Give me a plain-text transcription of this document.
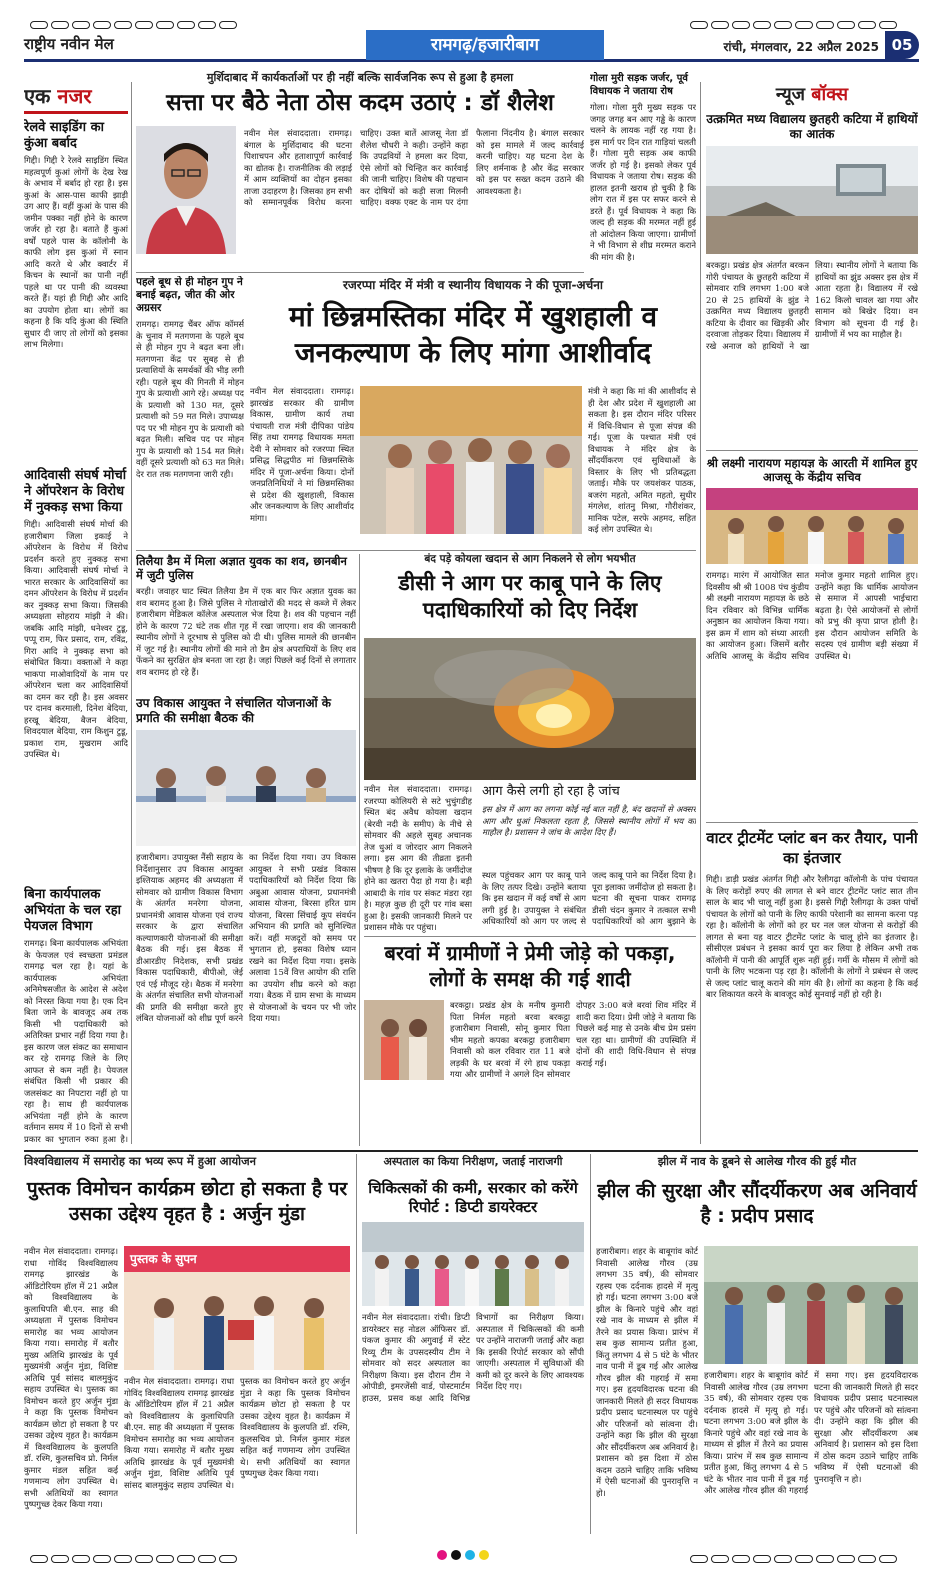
राष्ट्रीय नवीन मेल	रामगढ़/हजारीबाग	रांची, मंगलवार, 22 अप्रैल 2025 05
एक नजर
रेलवे साइडिंग का कुंआ बर्बाद
गिद्दी। गिद्दी रे रेलवे साइडिंग स्थित महत्वपूर्ण कुआं लोगों के देख रेख के अभाव में बर्बाद हो रहा है। इस कुआं के आस-पास काफी झाड़ी उग आए हैं। वहीं कुआं के पास की जमीन पक्का नहीं होने के कारण जर्जर हो रहा है। बताते हैं कुआं वर्षों पहले पास के कॉलोनी के काफी लोग इस कुआं में स्नान आदि करते थे और क्वार्टर में किचन के स्थानों का पानी नहीं पहले था पर पानी की व्यवस्था करते हैं। यहां ही गिद्दी और आदि का उपयोग होता था। लोगों का कहना है कि यदि कुंआ की स्थिति सुधार दी जाए तो लोगों को इसका लाभ मिलेगा।
आदिवासी संघर्ष मोर्चा ने ऑपरेशन के विरोध में नुक्कड़ सभा किया
गिद्दी। आदिवासी संघर्ष मोर्चा की हजारीबाग जिला इकाई ने ऑपरेशन के विरोध में विरोध प्रदर्शन करते हुए नुक्कड़ सभा किया। आदिवासी संघर्ष मोर्चा ने भारत सरकार के आदिवासियों का दमन ऑपरेशन के विरोध में प्रदर्शन कर नुक्कड़ सभा किया। जिसकी अध्यक्षता सोहराय मांझी ने की। जबकि आदि मांझी, धनेश्वर टुडू, पप्पू राम, फिर प्रसाद, राम, रविंद्र, गिरा आदि ने नुक्कड़ सभा को संबोधित किया। वक्ताओं ने कहा भाकपा माओवादियों के नाम पर ऑपरेशन चला कर आदिवासियों का दमन कर रही है। इस अवसर पर दानव करमाली, दिनेश बेदिया, हरखू बेदिया, बैजन बेदिया, शिवदयाल बेदिया, राम किशुन टुडू, प्रकाश राम, मुखराम आदि उपस्थित थे।
बिना कार्यपालक अभियंता के चल रहा पेयजल विभाग
रामगढ़। बिना कार्यपालक अभियंता के फेयजल एवं स्वच्छता प्रमंडल रामगढ़ चल रहा है। यहां के कार्यपालक अभियंता अनिमेषसजीत के आदेश से अदेश को निरस्त किया गया है। एक दिन बिता जाने के बावजूद अब तक किसी भी पदाधिकारी को अतिरिक्त प्रभार नहीं दिया गया है। इस कारण जल संकट का समाधान कर रहे रामगढ़ जिले के लिए आफत से कम नहीं है। पेयजल संबंधित किसी भी प्रकार की जलसंकट का निपटारा नहीं हो पा रहा है। साथ ही कार्यपालक अभियंता नहीं होने के कारण वर्तमान समय में 10 दिनों से सभी प्रकार का भुगतान रुका हुआ है।
मुर्शिदाबाद में कार्यकर्ताओं पर ही नहीं बल्कि सार्वजनिक रूप से हुआ है हमला
सत्ता पर बैठे नेता ठोस कदम उठाएं : डॉ शैलेश
नवीन मेल संवाददाता। रामगढ़। बंगाल के मुर्शिदाबाद की घटना पिशाचपन और हताशापूर्ण कार्रवाई का द्योतक है। राजनीतिक की लड़ाई में आम व्यक्तियों का दोहन इसका ताजा उदाहरण है। जिसका हम सभी को सम्मानपूर्वक विरोध करना चाहिए। उक्त बातें आजसू नेता डॉ शैलेश चौधरी ने कही। उन्होंने कहा कि उपद्रवियों ने हमला कर दिया, ऐसे लोगों को चिन्हित कर कार्रवाई की जानी चाहिए। विशेष की पहचान कर दोषियों को कड़ी सजा मिलनी चाहिए। वक्फ एक्ट के नाम पर दंगा फैलाना निंदनीय है। बंगाल सरकार को इस मामले में जल्द कार्रवाई करनी चाहिए। यह घटना देश के लिए शर्मनाक है और केंद्र सरकार को इस पर सख्त कदम उठाने की आवश्यकता है।
गोला मुरी सड़क जर्जर, पूर्व विधायक ने जताया रोष
गोला। गोला मुरी मुख्य सड़क पर जगह जगह बन आए गड्ढे के कारण चलने के लायक नहीं रह गया है। इस मार्ग पर दिन रात गाड़ियां चलती हैं। गोला मुरी सड़क अब काफी जर्जर हो गई है। इसको लेकर पूर्व विधायक ने जताया रोष। सड़क की हालत इतनी खराब हो चुकी है कि लोग रात में इस पर सफर करने से डरते हैं। पूर्व विधायक ने कहा कि जल्द ही सड़क की मरम्मत नहीं हुई तो आंदोलन किया जाएगा। ग्रामीणों ने भी विभाग से शीघ्र मरम्मत कराने की मांग की है।
पहले बूथ से ही मोहन गुप ने बनाई बढ़त, जीत की ओर अग्रसर
रामगढ़। रामगढ़ चैंबर ऑफ कॉमर्स के चुनाव में मतगणना के पहले बूथ से ही मोहन गुप ने बढ़त बना ली। मतगणना केंद्र पर सुबह से ही प्रत्याशियों के समर्थकों की भीड़ लगी रही। पहले बूथ की गिनती में मोहन गुप के प्रत्याशी आगे रहे। अध्यक्ष पद के प्रत्याशी को 130 मत, दूसरे प्रत्याशी को 59 मत मिले। उपाध्यक्ष पद पर भी मोहन गुप के प्रत्याशी को बढ़त मिली। सचिव पद पर मोहन गुप के प्रत्याशी को 154 मत मिले। वहीं दूसरे प्रत्याशी को 63 मत मिले। देर रात तक मतगणना जारी रही।
रजरप्पा मंदिर में मंत्री व स्थानीय विधायक ने की पूजा-अर्चना
मां छिन्नमस्तिका मंदिर में खुशहाली व जनकल्याण के लिए मांगा आशीर्वाद
नवीन मेल संवाददाता। रामगढ़। झारखंड सरकार की ग्रामीण विकास, ग्रामीण कार्य तथा पंचायती राज मंत्री दीपिका पांडेय सिंह तथा रामगढ़ विधायक ममता देवी ने सोमवार को रजरप्पा स्थित प्रसिद्ध सिद्धपीठ मां छिन्नमस्तिके मंदिर में पूजा-अर्चना किया। दोनों जनप्रतिनिधियों ने मां छिन्नमस्तिका से प्रदेश की खुशहाली, विकास और जनकल्याण के लिए आशीर्वाद मांगा।
मंत्री ने कहा कि मां की आशीर्वाद से ही देश और प्रदेश में खुशहाली आ सकता है। इस दौरान मंदिर परिसर में विधि-विधान से पूजा संपन्न की गई। पूजा के पश्चात मंत्री एवं विधायक ने मंदिर क्षेत्र के सौंदर्यीकरण एवं सुविधाओं के विस्तार के लिए भी प्रतिबद्धता जताई। मौके पर जयशंकर पाठक, बजरंग महतो, अमित महतो, सुधीर मंगलेश, शांतनु मिश्रा, गौरीशंकर, मानिक पटेल, सरफे अहमद, सहित कई लोग उपस्थित थे।
तिलैया डैम में मिला अज्ञात युवक का शव, छानबीन में जुटी पुलिस
बरही। जवाहर घाट स्थित तिलैया डैम में एक बार फिर अज्ञात युवक का शव बरामद हुआ है। जिसे पुलिस ने गोताखोरों की मदद से कब्जे में लेकर हजारीबाग मेडिकल कॉलेज अस्पताल भेज दिया है। शव की पहचान नहीं होने के कारण 72 घंटे तक शीत गृह में रखा जाएगा। शव की जानकारी स्थानीय लोगों ने दूरभाष से पुलिस को दी थी। पुलिस मामले की छानबीन में जुट गई है। स्थानीय लोगों की माने तो डैम क्षेत्र अपराधियों के लिए शव फेंकने का सुरक्षित क्षेत्र बनता जा रहा है। जहां पिछले कई दिनों से लगातार शव बरामद हो रहे हैं।
उप विकास आयुक्त ने संचालित योजनाओं के प्रगति की समीक्षा बैठक की
हजारीबाग। उपायुक्त नैंसी सहाय के निर्देशानुसार उप विकास आयुक्त इश्तियाक अहमद की अध्यक्षता में सोमवार को ग्रामीण विकास विभाग के अंतर्गत मनरेगा योजना, प्रधानमंत्री आवास योजना एवं राज्य सरकार के द्वारा संचालित कल्याणकारी योजनाओं की समीक्षा बैठक की गई। इस बैठक में डीआरडीए निदेशक, सभी प्रखंड विकास पदाधिकारी, बीपीओ, जेई एवं एई मौजूद रहे। बैठक में मनरेगा के अंतर्गत संचालित सभी योजनाओं की प्रगति की समीक्षा करते हुए लंबित योजनाओं को शीघ्र पूर्ण करने का निर्देश दिया गया। उप विकास आयुक्त ने सभी प्रखंड विकास पदाधिकारियों को निर्देश दिया कि अबुआ आवास योजना, प्रधानमंत्री आवास योजना, बिरसा हरित ग्राम योजना, बिरसा सिंचाई कूप संवर्धन अभियान की प्रगति को सुनिश्चित करें। वहीं मजदूरों को समय पर भुगतान हो, इसका विशेष ध्यान रखने का निर्देश दिया गया। इसके अलावा 15वें वित्त आयोग की राशि का उपयोग शीघ्र करने को कहा गया। बैठक में ग्राम सभा के माध्यम से योजनाओं के चयन पर भी जोर दिया गया।
बंद पड़े कोयला खदान से आग निकलने से लोग भयभीत
डीसी ने आग पर काबू पाने के लिए पदाधिकारियों को दिए निर्देश
नवीन मेल संवाददाता। रामगढ़। रजरप्पा कोलियरी से सटे भुचुंगडीह स्थित बंद अवैध कोयला खदान (बेरवी नदी के समीप) के नीचे से सोमवार की अहले सुबह अचानक तेज धुआं व जोरदार आग निकलने लगा। इस आग की तीव्रता इतनी भीषण है कि दूर इलाके के जमींदोज होने का खतरा पैदा हो गया है। बड़ी आबादी के गांव पर संकट मंडरा रहा है। महज़ कुछ ही दूरी पर गांव बसा हुआ है। इसकी जानकारी मिलने पर प्रशासन मौके पर पहुंचा।
आग कैसे लगी हो रहा है जांच
इस क्षेत्र में आग का लगना कोई नई बात नहीं है, बंद खदानों से अक्सर आग और धुआं निकलता रहता है, जिससे स्थानीय लोगों में भय का माहौल है। प्रशासन ने जांच के आदेश दिए हैं।
स्थल पहुंचकर आग पर काबू पाने के लिए तत्पर दिखे। उन्होंने बताया कि इस खदान में कई वर्षों से आग लगी हुई है। उपायुक्त ने संबंधित अधिकारियों को आग पर जल्द से जल्द काबू पाने का निर्देश दिया है। पूरा इलाका जमींदोज हो सकता है। घटना की सूचना पाकर रामगढ़ डीसी चंदन कुमार ने तत्काल सभी पदाधिकारियों को आग बुझाने के
बरवां में ग्रामीणों ने प्रेमी जोड़े को पकड़ा, लोगों के समक्ष की गई शादी
बरकट्ठा। प्रखंड क्षेत्र के मनीष कुमारी पिता निर्मल महतो बरवा बरकट्ठा हजारीबाग निवासी, सोनू कुमार पिता भीम महतो कपका बरकट्ठा हजारीबाग निवासी को कल रविवार रात 11 बजे लड़की के घर बरवां में रंगे हाथ पकड़ा गया और ग्रामीणों ने अगले दिन सोमवार दोपहर 3:00 बजे बरवां शिव मंदिर में शादी करा दिया। प्रेमी जोड़े ने बताया कि पिछले कई माह से उनके बीच प्रेम प्रसंग चल रहा था। ग्रामीणों की उपस्थिति में दोनों की शादी विधि-विधान से संपन्न कराई गई।
न्यूज बॉक्स
उत्क्रमित मध्य विद्यालय छुतहरी कटिया में हाथियों का आतंक
बरकट्ठा। प्रखंड क्षेत्र अंतर्गत बरकन गोरी पंचायत के छुतहरी कटिया में सोमवार रात्रि लगभग 1:00 बजे 20 से 25 हाथियों के झुंड ने उत्क्रमित मध्य विद्यालय छुतहरी कटिया के दीवार का खिड़की और दरवाजा तोड़कर दिया। विद्यालय में रखे अनाज को हाथियों ने खा लिया। स्थानीय लोगों ने बताया कि हाथियों का झुंड अक्सर इस क्षेत्र में आता रहता है। विद्यालय में रखे 162 किलो चावल खा गया और सामान को बिखेर दिया। वन विभाग को सूचना दी गई है। ग्रामीणों में भय का माहौल है।
श्री लक्ष्मी नारायण महायज्ञ के आरती में शामिल हुए आजसू के केंद्रीय सचिव
रामगढ़। मारंग में आयोजित सात दिवसीय श्री श्री 1008 पंच कुंडीय श्री लक्ष्मी नारायण महायज्ञ के छठे दिन रविवार को विभिन्न धार्मिक अनुष्ठान का आयोजन किया गया। इस क्रम में शाम को संध्या आरती का आयोजन हुआ। जिसमें बतौर अतिथि आजसू के केंद्रीय सचिव मनोज कुमार महतो शामिल हुए। उन्होंने कहा कि धार्मिक आयोजन से समाज में आपसी भाईचारा बढ़ता है। ऐसे आयोजनों से लोगों को प्रभु की कृपा प्राप्त होती है। इस दौरान आयोजन समिति के सदस्य एवं ग्रामीण बड़ी संख्या में उपस्थित थे।
वाटर ट्रीटमेंट प्लांट बन कर तैयार, पानी का इंतजार
गिद्दी। डाड़ी प्रखंड अंतर्गत गिद्दी और रैलीगढ़ा कॉलोनी के पांच पंचायत के लिए करोड़ों रुपए की लागत से बने वाटर ट्रीटमेंट प्लांट सात तीन साल के बाद भी चालू नहीं हुआ है। इससे गिद्दी रैलीगढ़ा के उक्त पांचों पंचायत के लोगों को पानी के लिए काफी परेशानी का सामना करना पड़ रहा है। कॉलोनी के लोगों को हर घर नल जल योजना से करोड़ों की लागत से बना यह वाटर ट्रीटमेंट प्लांट के चालू होने का इंतजार है। सीसीएल प्रबंधन ने इसका कार्य पूरा कर लिया है लेकिन अभी तक कॉलोनी में पानी की आपूर्ति शुरू नहीं हुई। गर्मी के मौसम में लोगों को पानी के लिए भटकना पड़ रहा है। कॉलोनी के लोगों ने प्रबंधन से जल्द से जल्द प्लांट चालू कराने की मांग की है। लोगों का कहना है कि कई बार शिकायत करने के बावजूद कोई सुनवाई नहीं हो रही है।
विश्वविद्यालय में समारोह का भव्य रूप में हुआ आयोजन
पुस्तक विमोचन कार्यक्रम छोटा हो सकता है पर उसका उद्देश्य वृहत है : अर्जुन मुंडा
नवीन मेल संवाददाता। रामगढ़। राधा गोविंद विश्वविद्यालय रामगढ़ झारखंड के ऑडिटोरियम हॉल में 21 अप्रैल को विश्वविद्यालय के कुलाधिपति बी.एन. साह की अध्यक्षता में पुस्तक विमोचन समारोह का भव्य आयोजन किया गया। समारोह में बतौर मुख्य अतिथि झारखंड के पूर्व मुख्यमंत्री अर्जुन मुंडा, विशिष्ट अतिथि पूर्व सांसद बालमुकुंद सहाय उपस्थित थे। पुस्तक का विमोचन करते हुए अर्जुन मुंडा ने कहा कि पुस्तक विमोचन कार्यक्रम छोटा हो सकता है पर उसका उद्देश्य वृहत है। कार्यक्रम में विश्वविद्यालय के कुलपति डॉ. रश्मि, कुलसचिव प्रो. निर्मल कुमार मंडल सहित कई गणमान्य लोग उपस्थित थे। सभी अतिथियों का स्वागत पुष्पगुच्छ देकर किया गया।
पुस्तक के सुपन
नवीन मेल संवाददाता। रामगढ़। राधा गोविंद विश्वविद्यालय रामगढ़ झारखंड के ऑडिटोरियम हॉल में 21 अप्रैल को विश्वविद्यालय के कुलाधिपति बी.एन. साह की अध्यक्षता में पुस्तक विमोचन समारोह का भव्य आयोजन किया गया। समारोह में बतौर मुख्य अतिथि झारखंड के पूर्व मुख्यमंत्री अर्जुन मुंडा, विशिष्ट अतिथि पूर्व सांसद बालमुकुंद सहाय उपस्थित थे। पुस्तक का विमोचन करते हुए अर्जुन मुंडा ने कहा कि पुस्तक विमोचन कार्यक्रम छोटा हो सकता है पर उसका उद्देश्य वृहत है। कार्यक्रम में विश्वविद्यालय के कुलपति डॉ. रश्मि, कुलसचिव प्रो. निर्मल कुमार मंडल सहित कई गणमान्य लोग उपस्थित थे। सभी अतिथियों का स्वागत पुष्पगुच्छ देकर किया गया।
अस्पताल का किया निरीक्षण, जताई नाराजगी
चिकित्सकों की कमी, सरकार को करेंगे रिपोर्ट : डिप्टी डायरेक्टर
नवीन मेल संवाददाता। रांची। डिप्टी डायरेक्टर सह नोडल ऑफिसर डॉ. पंकज कुमार की अगुवाई में स्टेट रिव्यू टीम के उपसदस्यीय टीम ने सोमवार को सदर अस्पताल का निरीक्षण किया। इस दौरान टीम ने ओपीडी, इमरजेंसी वार्ड, पोस्टमार्टम हाउस, प्रसव कक्ष आदि विभिन्न विभागों का निरीक्षण किया। अस्पताल में चिकित्सकों की कमी पर उन्होंने नाराजगी जताई और कहा कि इसकी रिपोर्ट सरकार को सौंपी जाएगी। अस्पताल में सुविधाओं की कमी को दूर करने के लिए आवश्यक निर्देश दिए गए।
झील में नाव के डूबने से आलेख गौरव की हुई मौत
झील की सुरक्षा और सौंदर्यीकरण अब अनिवार्य है : प्रदीप प्रसाद
हजारीबाग। शहर के बाबूगांव कोर्ट निवासी आलेख गौरव (उम्र लगभग 35 वर्ष), की सोमवार रहस्य एक दर्दनाक हादसे में मृत्यु हो गई। घटना लगभग 3:00 बजे झील के किनारे पहुंचे और वहां रखे नाव के माध्यम से झील में तैरने का प्रयास किया। प्रारंभ में सब कुछ सामान्य प्रतीत हुआ, किंतु लगभग 4 से 5 घंटे के भीतर नाव पानी में डूब गई और आलेख गौरव झील की गहराई में समा गए। इस हृदयविदारक घटना की जानकारी मिलते ही सदर विधायक प्रदीप प्रसाद घटनास्थल पर पहुंचे और परिजनों को सांत्वना दी। उन्होंने कहा कि झील की सुरक्षा और सौंदर्यीकरण अब अनिवार्य है। प्रशासन को इस दिशा में ठोस कदम उठाने चाहिए ताकि भविष्य में ऐसी घटनाओं की पुनरावृत्ति न हो।
हजारीबाग। शहर के बाबूगांव कोर्ट निवासी आलेख गौरव (उम्र लगभग 35 वर्ष), की सोमवार रहस्य एक दर्दनाक हादसे में मृत्यु हो गई। घटना लगभग 3:00 बजे झील के किनारे पहुंचे और वहां रखे नाव के माध्यम से झील में तैरने का प्रयास किया। प्रारंभ में सब कुछ सामान्य प्रतीत हुआ, किंतु लगभग 4 से 5 घंटे के भीतर नाव पानी में डूब गई और आलेख गौरव झील की गहराई में समा गए। इस हृदयविदारक घटना की जानकारी मिलते ही सदर विधायक प्रदीप प्रसाद घटनास्थल पर पहुंचे और परिजनों को सांत्वना दी। उन्होंने कहा कि झील की सुरक्षा और सौंदर्यीकरण अब अनिवार्य है। प्रशासन को इस दिशा में ठोस कदम उठाने चाहिए ताकि भविष्य में ऐसी घटनाओं की पुनरावृत्ति न हो।
